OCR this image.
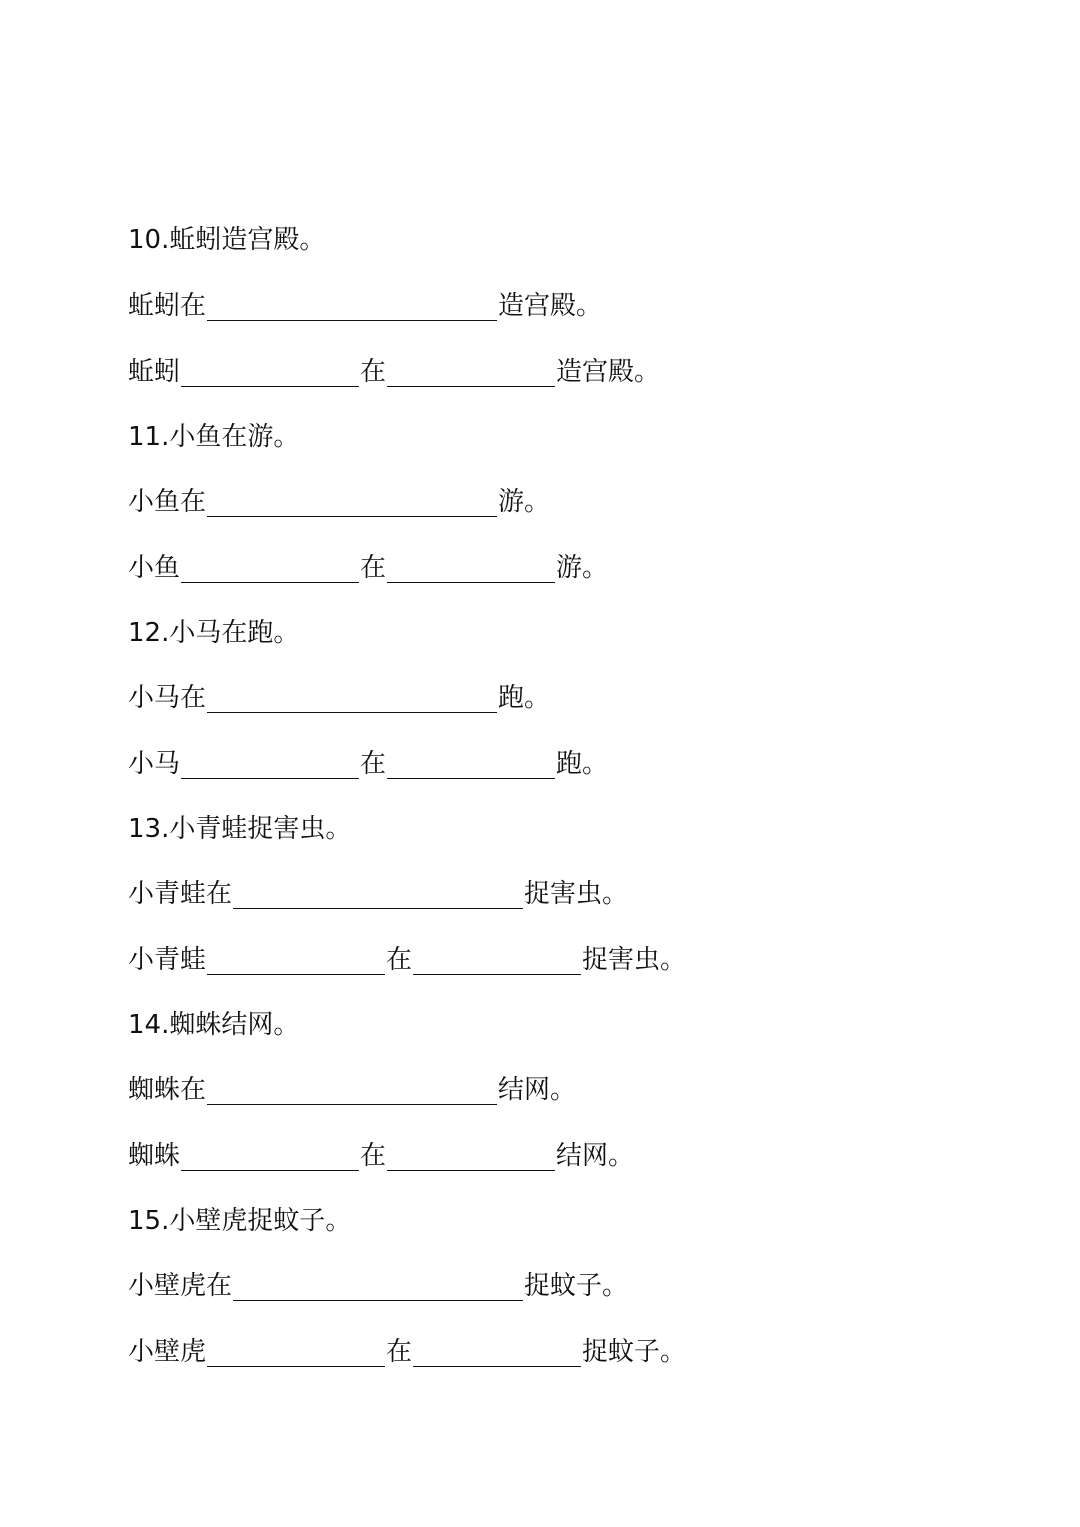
10. 蚯蚓造宫殿。
蚯蚓 在	造宫殿。
蚯蚓	在	造宫殿。
11. 小鱼在游。
小鱼 在	游。
小鱼	在	游。
12. 小马在跑。
小马 在	跑。
小马	在	跑。
13. 小青蛙捉害虫。
小青蛙 在	捉害虫。
小青蛙	在	捉害虫。
14. 蜘蛛结网。
蜘蛛 在	结网。
蜘蛛	在	结网。
15. 小壁虎捉蚊子。
小壁虎 在	捉蚊子。
小壁虎	在	捉蚊子。
